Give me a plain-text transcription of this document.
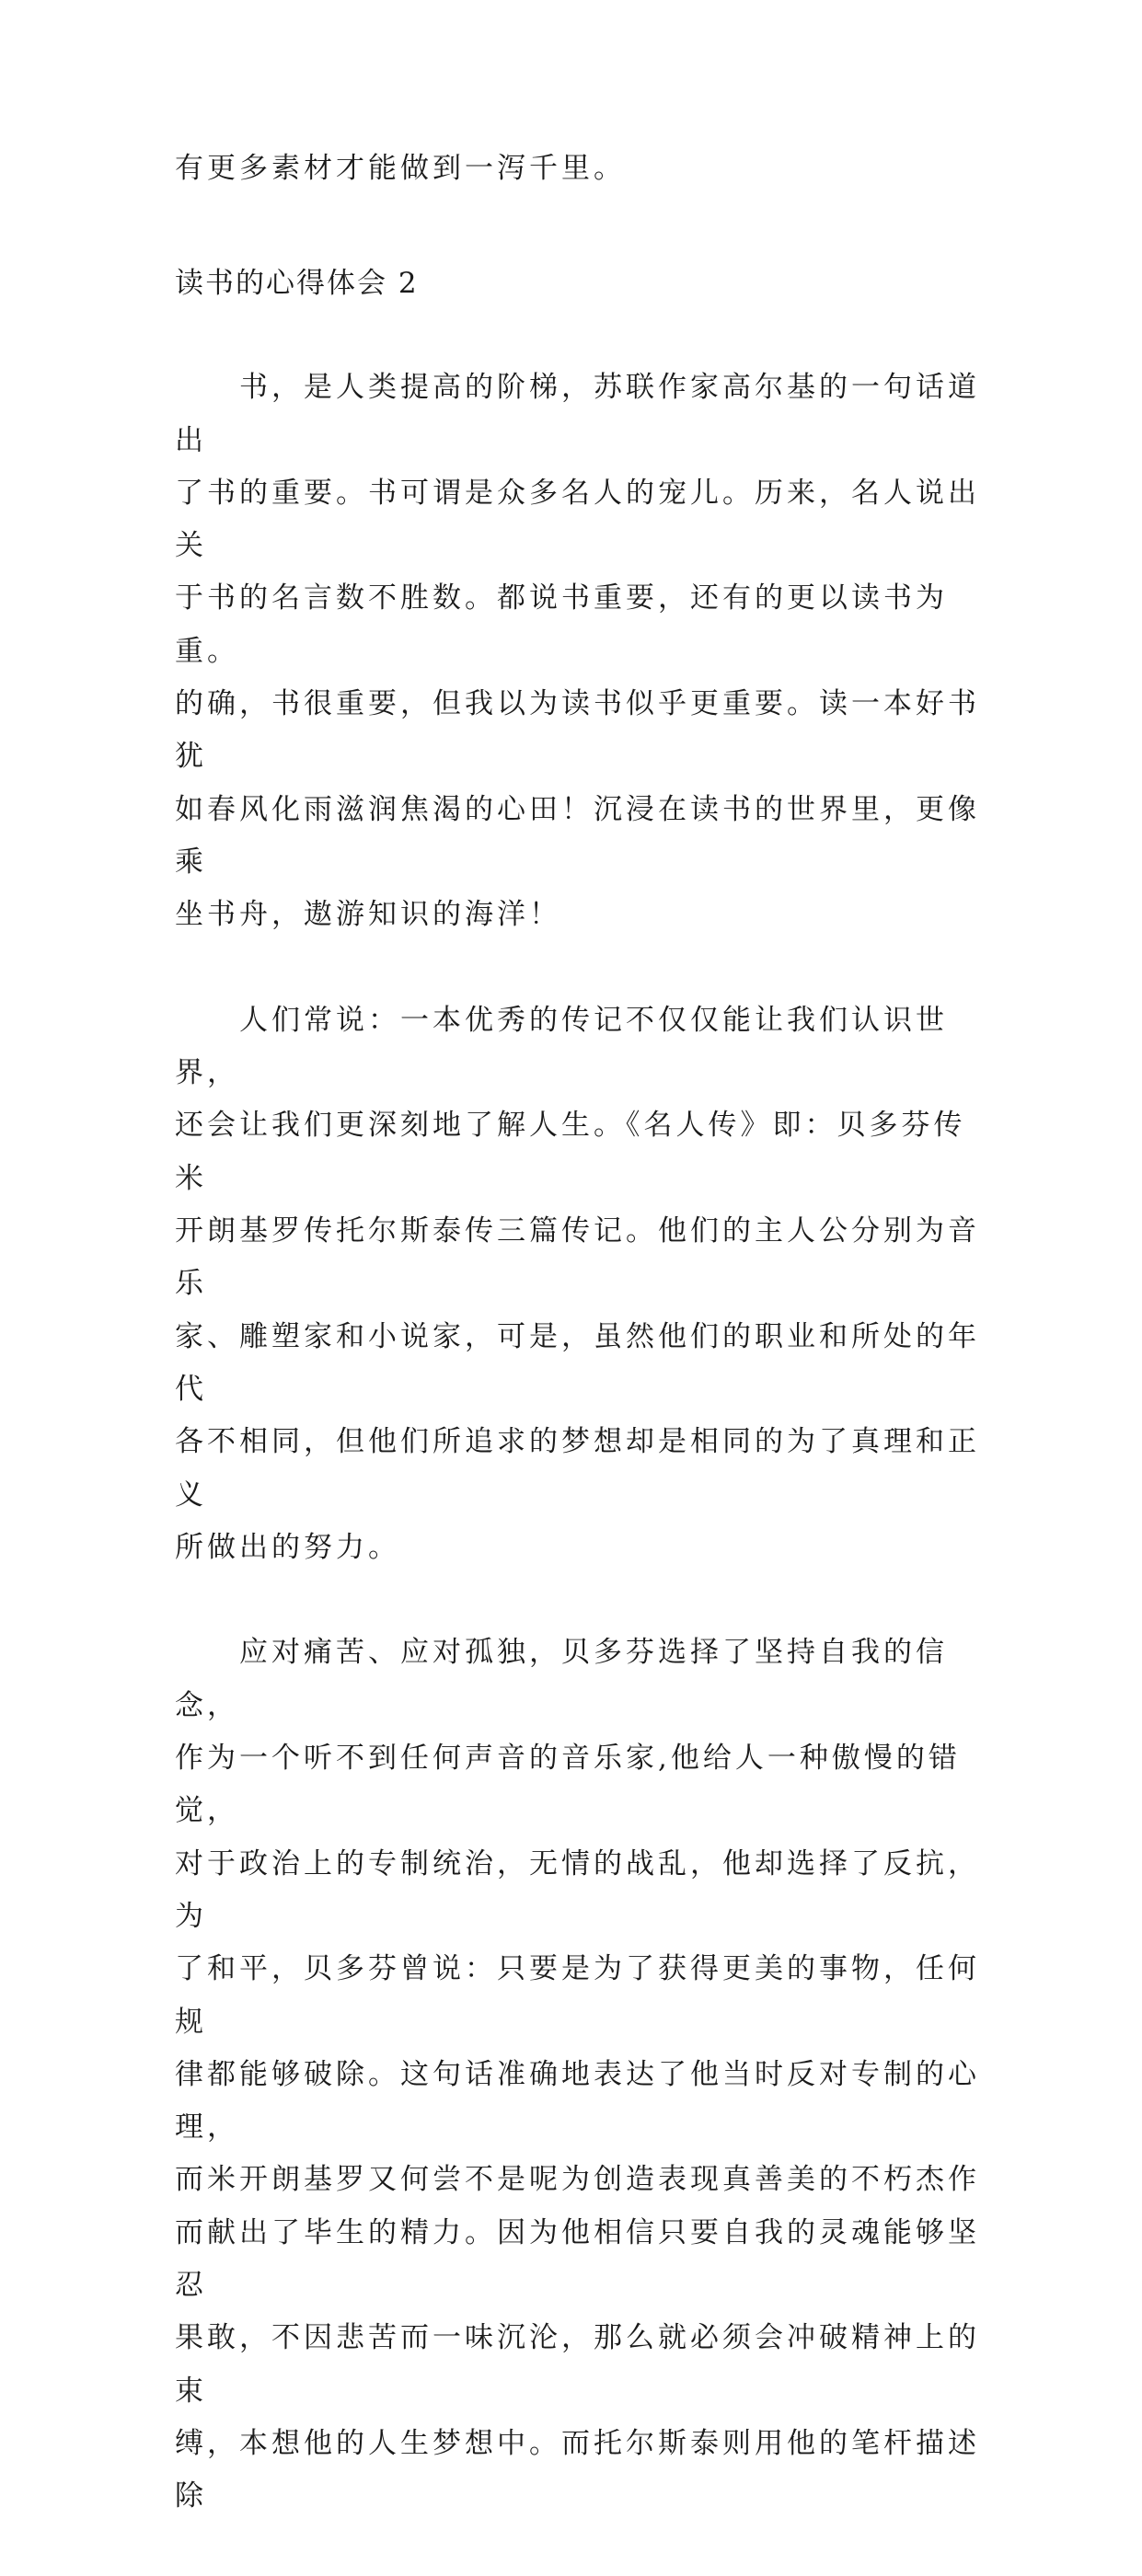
有更多素材才能做到一泻千里。

读书的心得体会 2

　　书，是人类提高的阶梯，苏联作家高尔基的一句话道出
了书的重要。书可谓是众多名人的宠儿。历来，名人说出关
于书的名言数不胜数。都说书重要，还有的更以读书为重。
的确，书很重要，但我以为读书似乎更重要。读一本好书犹
如春风化雨滋润焦渴的心田！沉浸在读书的世界里，更像乘
坐书舟，遨游知识的海洋！

　　人们常说：一本优秀的传记不仅仅能让我们认识世界，
还会让我们更深刻地了解人生。《名人传》即：贝多芬传米
开朗基罗传托尔斯泰传三篇传记。他们的主人公分别为音乐
家、雕塑家和小说家，可是，虽然他们的职业和所处的年代
各不相同，但他们所追求的梦想却是相同的为了真理和正义
所做出的努力。

　　应对痛苦、应对孤独，贝多芬选择了坚持自我的信念，
作为一个听不到任何声音的音乐家,他给人一种傲慢的错觉，
对于政治上的专制统治，无情的战乱，他却选择了反抗，为
了和平，贝多芬曾说：只要是为了获得更美的事物，任何规
律都能够破除。这句话准确地表达了他当时反对专制的心理，
而米开朗基罗又何尝不是呢为创造表现真善美的不朽杰作
而献出了毕生的精力。因为他相信只要自我的灵魂能够坚忍
果敢，不因悲苦而一味沉沦，那么就必须会冲破精神上的束
缚，本想他的人生梦想中。而托尔斯泰则用他的笔杆描述除
